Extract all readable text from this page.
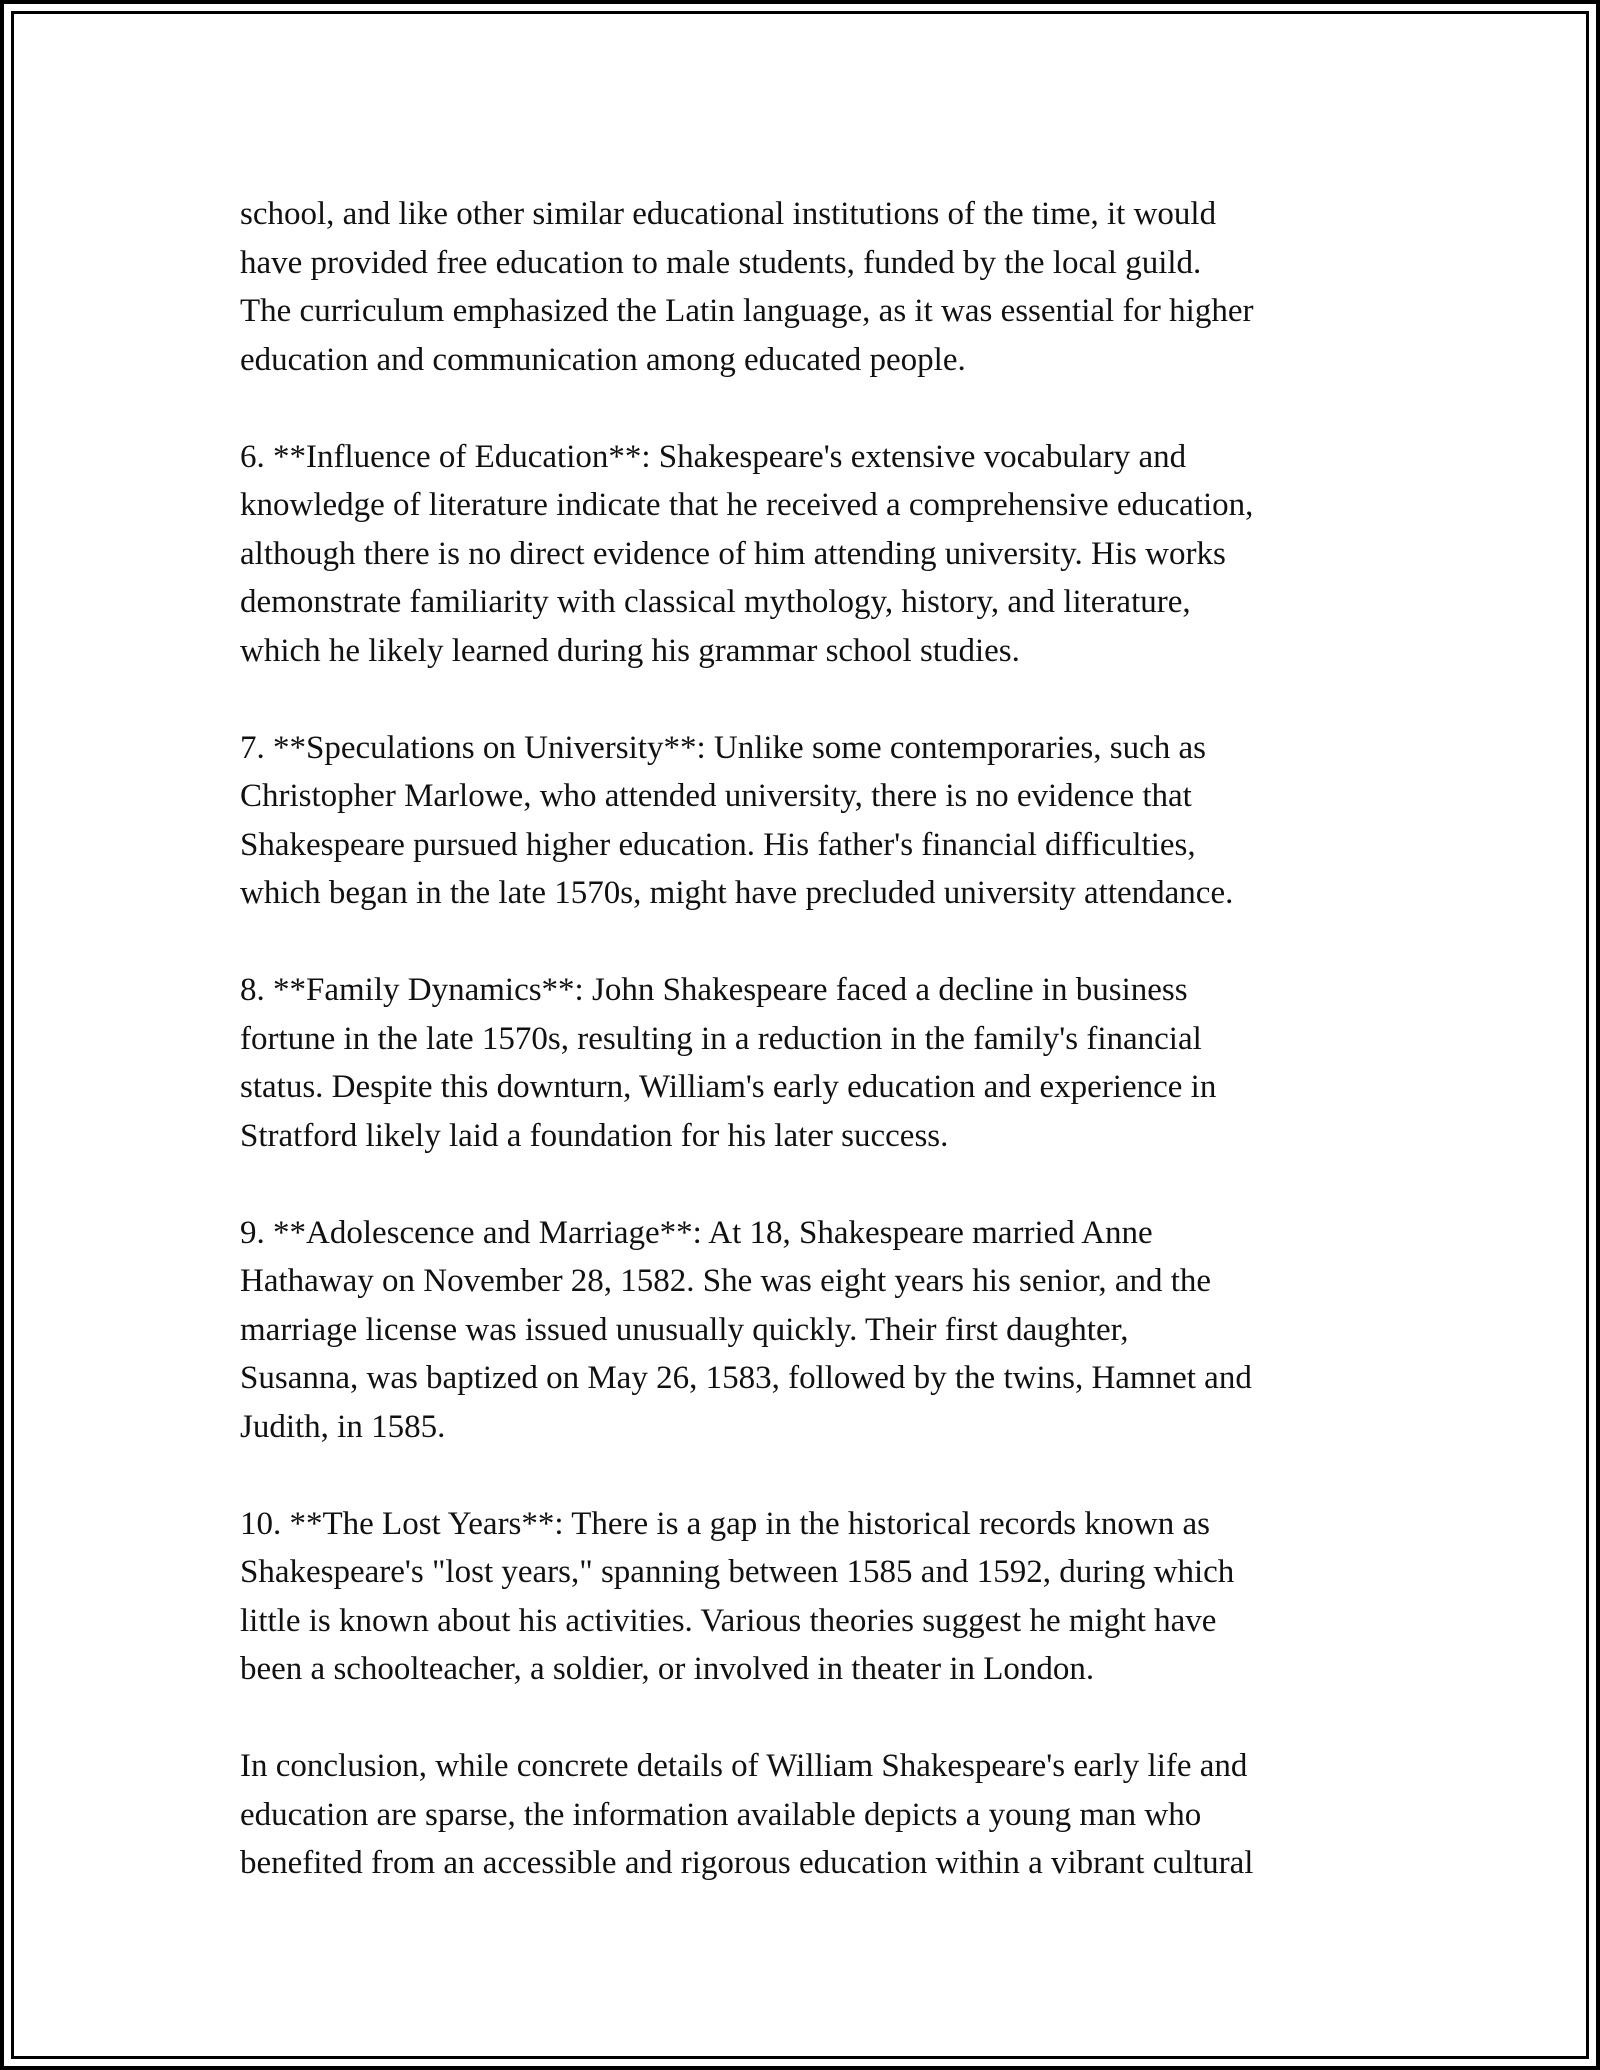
school, and like other similar educational institutions of the time, it would
have provided free education to male students, funded by the local guild.
The curriculum emphasized the Latin language, as it was essential for higher
education and communication among educated people.

6. **Influence of Education**: Shakespeare's extensive vocabulary and
knowledge of literature indicate that he received a comprehensive education,
although there is no direct evidence of him attending university. His works
demonstrate familiarity with classical mythology, history, and literature,
which he likely learned during his grammar school studies.

7. **Speculations on University**: Unlike some contemporaries, such as
Christopher Marlowe, who attended university, there is no evidence that
Shakespeare pursued higher education. His father's financial difficulties,
which began in the late 1570s, might have precluded university attendance.

8. **Family Dynamics**: John Shakespeare faced a decline in business
fortune in the late 1570s, resulting in a reduction in the family's financial
status. Despite this downturn, William's early education and experience in
Stratford likely laid a foundation for his later success.

9. **Adolescence and Marriage**: At 18, Shakespeare married Anne
Hathaway on November 28, 1582. She was eight years his senior, and the
marriage license was issued unusually quickly. Their first daughter,
Susanna, was baptized on May 26, 1583, followed by the twins, Hamnet and
Judith, in 1585.

10. **The Lost Years**: There is a gap in the historical records known as
Shakespeare's "lost years," spanning between 1585 and 1592, during which
little is known about his activities. Various theories suggest he might have
been a schoolteacher, a soldier, or involved in theater in London.

In conclusion, while concrete details of William Shakespeare's early life and
education are sparse, the information available depicts a young man who
benefited from an accessible and rigorous education within a vibrant cultural
